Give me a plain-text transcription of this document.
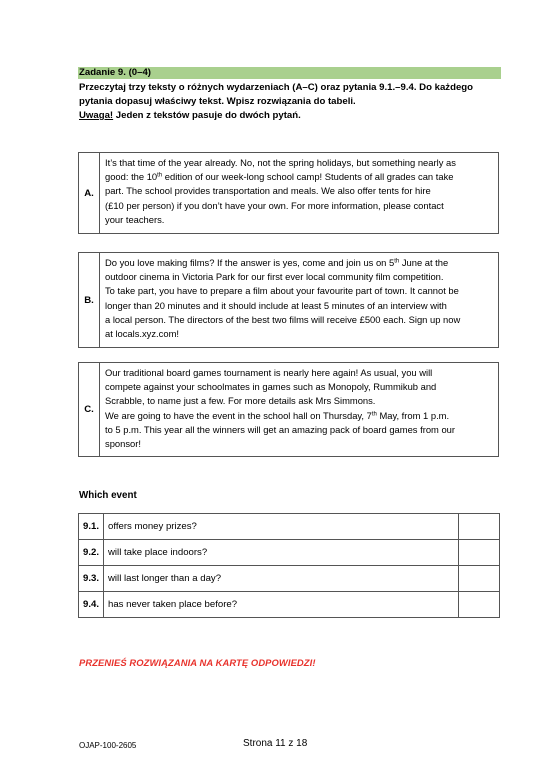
Zadanie 9. (0–4)
Przeczytaj trzy teksty o różnych wydarzeniach (A–C) oraz pytania 9.1.–9.4. Do każdego
pytania dopasuj właściwy tekst. Wpisz rozwiązania do tabeli.
Uwaga! Jeden z tekstów pasuje do dwóch pytań.
A.
It’s that time of the year already. No, not the spring holidays, but something nearly as
good: the 10th edition of our week-long school camp! Students of all grades can take
part. The school provides transportation and meals. We also offer tents for hire
(£10 per person) if you don’t have your own. For more information, please contact
your teachers.
B.
Do you love making films? If the answer is yes, come and join us on 5th June at the
outdoor cinema in Victoria Park for our first ever local community film competition.
To take part, you have to prepare a film about your favourite part of town. It cannot be
longer than 20 minutes and it should include at least 5 minutes of an interview with
a local person. The directors of the best two films will receive £500 each. Sign up now
at locals.xyz.com!
C.
Our traditional board games tournament is nearly here again! As usual, you will
compete against your schoolmates in games such as Monopoly, Rummikub and
Scrabble, to name just a few. For more details ask Mrs Simmons.
We are going to have the event in the school hall on Thursday, 7th May, from 1 p.m.
to 5 p.m. This year all the winners will get an amazing pack of board games from our
sponsor!
Which event
9.1.	offers money prizes?	
9.2.	will take place indoors?	
9.3.	will last longer than a day?	
9.4.	has never taken place before?	
PRZENIEŚ ROZWIĄZANIA NA KARTĘ ODPOWIEDZI!
OJAP-100-2605	Strona 11 z 18
